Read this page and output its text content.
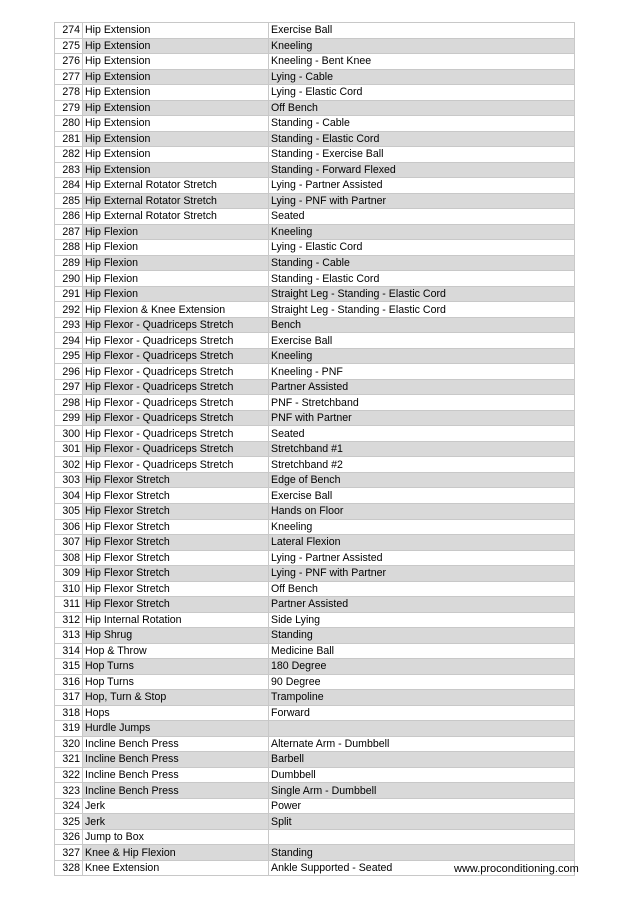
274	Hip Extension	Exercise Ball
275	Hip Extension	Kneeling
276	Hip Extension	Kneeling - Bent Knee
277	Hip Extension	Lying - Cable
278	Hip Extension	Lying - Elastic Cord
279	Hip Extension	Off Bench
280	Hip Extension	Standing - Cable
281	Hip Extension	Standing - Elastic Cord
282	Hip Extension	Standing - Exercise Ball
283	Hip Extension	Standing - Forward Flexed
284	Hip External Rotator Stretch	Lying - Partner Assisted
285	Hip External Rotator Stretch	Lying - PNF with Partner
286	Hip External Rotator Stretch	Seated
287	Hip Flexion	Kneeling
288	Hip Flexion	Lying - Elastic Cord
289	Hip Flexion	Standing - Cable
290	Hip Flexion	Standing - Elastic Cord
291	Hip Flexion	Straight Leg - Standing - Elastic Cord
292	Hip Flexion & Knee Extension	Straight Leg - Standing - Elastic Cord
293	Hip Flexor - Quadriceps Stretch	Bench
294	Hip Flexor - Quadriceps Stretch	Exercise Ball
295	Hip Flexor - Quadriceps Stretch	Kneeling
296	Hip Flexor - Quadriceps Stretch	Kneeling - PNF
297	Hip Flexor - Quadriceps Stretch	Partner Assisted
298	Hip Flexor - Quadriceps Stretch	PNF - Stretchband
299	Hip Flexor - Quadriceps Stretch	PNF with Partner
300	Hip Flexor - Quadriceps Stretch	Seated
301	Hip Flexor - Quadriceps Stretch	Stretchband #1
302	Hip Flexor - Quadriceps Stretch	Stretchband #2
303	Hip Flexor Stretch	Edge of Bench
304	Hip Flexor Stretch	Exercise Ball
305	Hip Flexor Stretch	Hands on Floor
306	Hip Flexor Stretch	Kneeling
307	Hip Flexor Stretch	Lateral Flexion
308	Hip Flexor Stretch	Lying - Partner Assisted
309	Hip Flexor Stretch	Lying - PNF with Partner
310	Hip Flexor Stretch	Off Bench
311	Hip Flexor Stretch	Partner Assisted
312	Hip Internal Rotation	Side Lying
313	Hip Shrug	Standing
314	Hop & Throw	Medicine Ball
315	Hop Turns	180 Degree
316	Hop Turns	90 Degree
317	Hop, Turn & Stop	Trampoline
318	Hops	Forward
319	Hurdle Jumps	
320	Incline Bench Press	Alternate Arm - Dumbbell
321	Incline Bench Press	Barbell
322	Incline Bench Press	Dumbbell
323	Incline Bench Press	Single Arm - Dumbbell
324	Jerk	Power
325	Jerk	Split
326	Jump to Box	
327	Knee & Hip Flexion	Standing
328	Knee Extension	Ankle Supported - Seated	www.proconditioning.com
